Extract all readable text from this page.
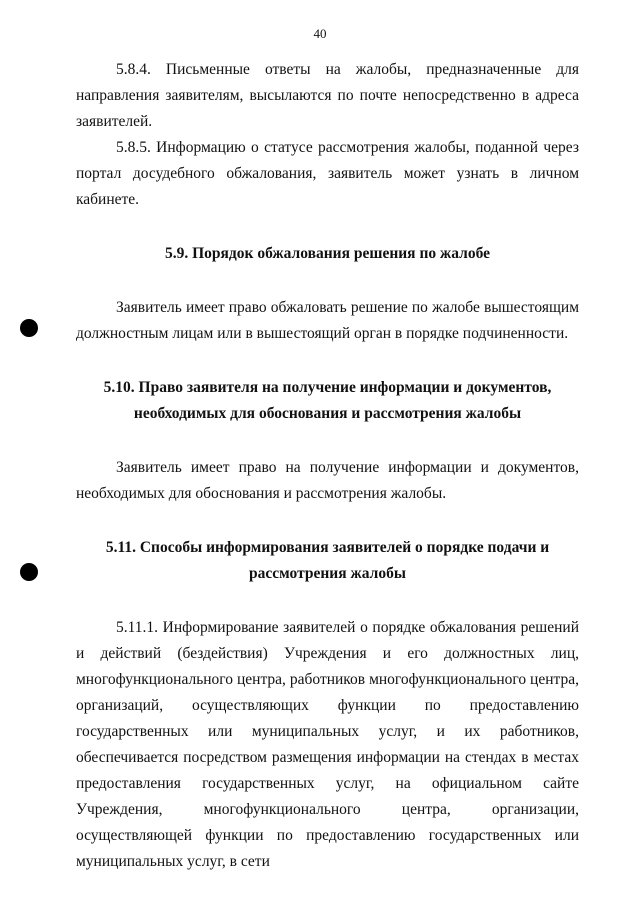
40

5.8.4. Письменные ответы на жалобы, предназначенные для направления заявителям, высылаются по почте непосредственно в адреса заявителей.

5.8.5. Информацию о статусе рассмотрения жалобы, поданной через портал досудебного обжалования, заявитель может узнать в личном кабинете.

5.9. Порядок обжалования решения по жалобе

Заявитель имеет право обжаловать решение по жалобе вышестоящим должностным лицам или в вышестоящий орган в порядке подчиненности.

5.10. Право заявителя на получение информации и документов, необходимых для обоснования и рассмотрения жалобы

Заявитель имеет право на получение информации и документов, необходимых для обоснования и рассмотрения жалобы.

5.11. Способы информирования заявителей о порядке подачи и рассмотрения жалобы

5.11.1. Информирование заявителей о порядке обжалования решений и действий (бездействия) Учреждения и его должностных лиц, многофункционального центра, работников многофункционального центра, организаций, осуществляющих функции по предоставлению государственных или муниципальных услуг, и их работников, обеспечивается посредством размещения информации на стендах в местах предоставления государственных услуг, на официальном сайте Учреждения, многофункционального центра, организации, осуществляющей функции по предоставлению государственных или муниципальных услуг, в сети
